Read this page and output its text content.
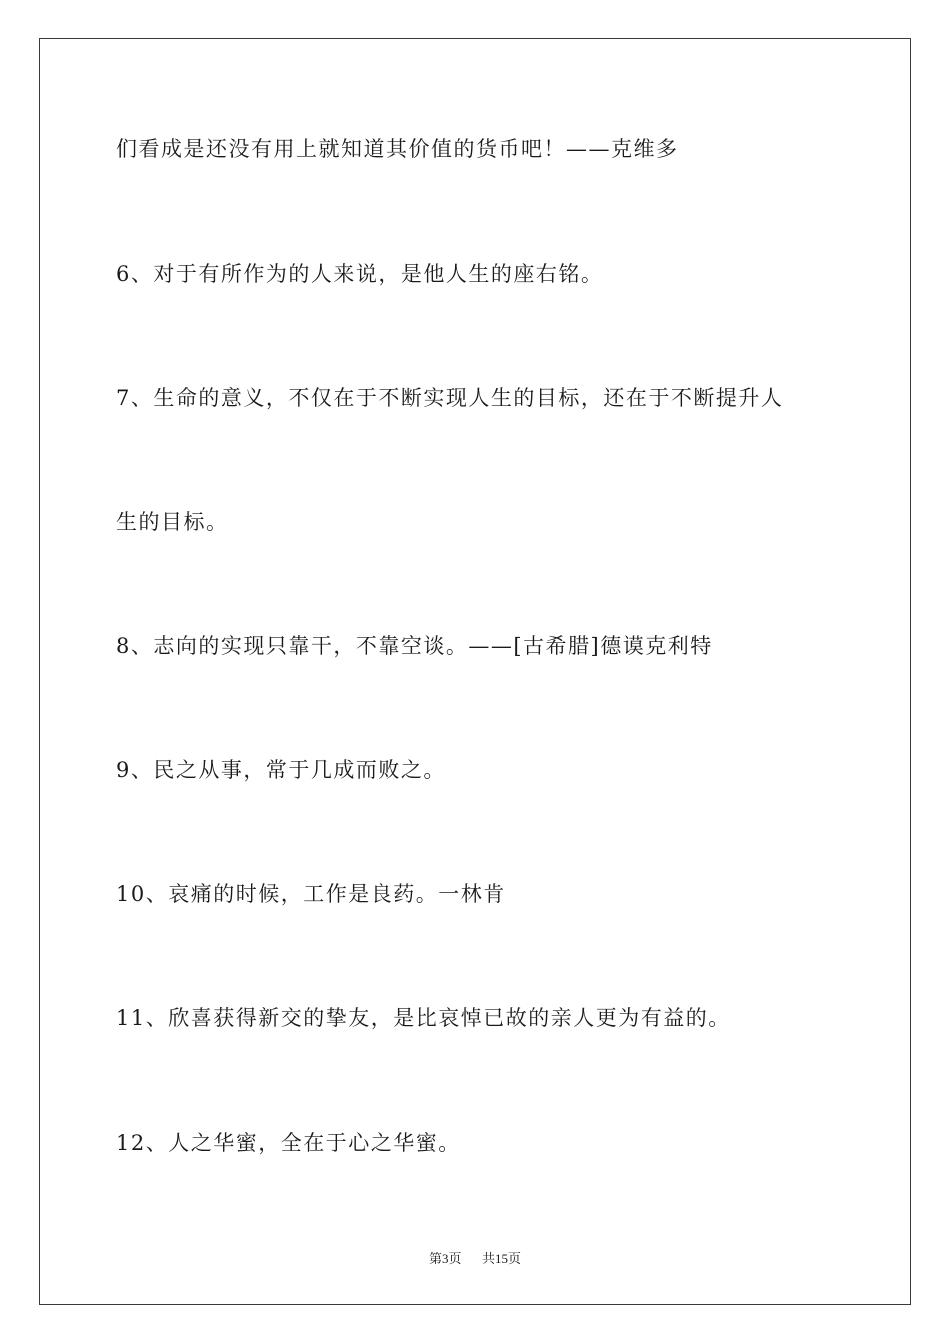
们看成是还没有用上就知道其价值的货币吧！——克维多
6、对于有所作为的人来说，是他人生的座右铭。
7、生命的意义，不仅在于不断实现人生的目标，还在于不断提升人
生的目标。
8、志向的实现只靠干，不靠空谈。——[古希腊]德谟克利特
9、民之从事，常于几成而败之。
10、哀痛的时候，工作是良药。一林肯
11、欣喜获得新交的挚友，是比哀悼已故的亲人更为有益的。
12、人之华蜜，全在于心之华蜜。
第3页 共15页
